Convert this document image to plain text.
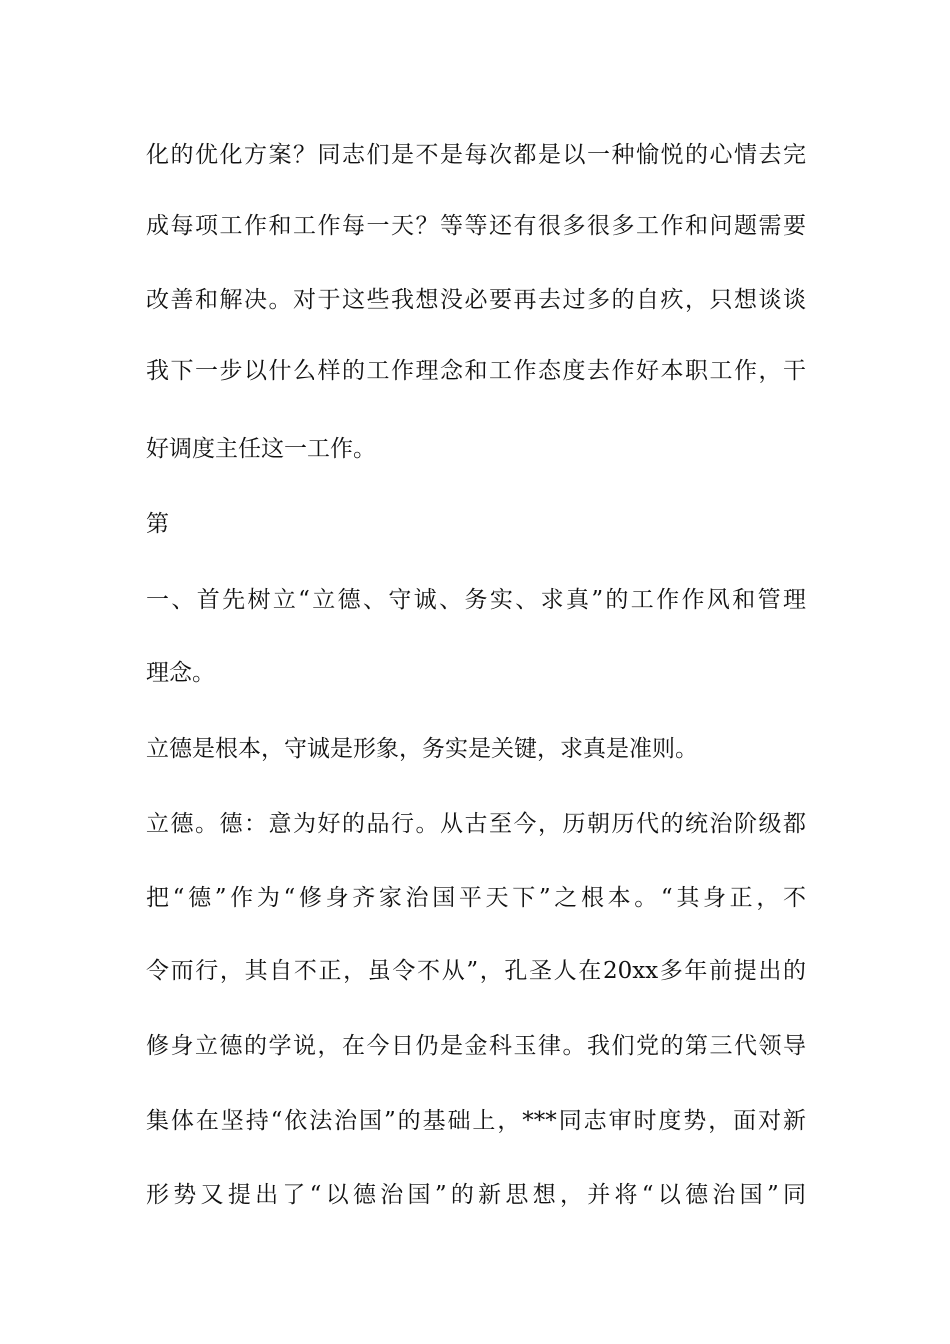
化的优化方案？同志们是不是每次都是以一种愉悦的心情去完

成每项工作和工作每一天？等等还有很多很多工作和问题需要

改善和解决。对于这些我想没必要再去过多的自疚，只想谈谈

我下一步以什么样的工作理念和工作态度去作好本职工作，干

好调度主任这一工作。

第

一、首先树立“立德、守诚、务实、求真”的工作作风和管理

理念。

立德是根本，守诚是形象，务实是关键，求真是准则。

立德。德：意为好的品行。从古至今，历朝历代的统治阶级都

把“德”作为“修身齐家治国平天下”之根本。“其身正，不

令而行，其自不正，虽令不从”，孔圣人在20xx多年前提出的

修身立德的学说，在今日仍是金科玉律。我们党的第三代领导

集体在坚持“依法治国”的基础上，***同志审时度势，面对新

形势又提出了“以德治国”的新思想，并将“以德治国”同
